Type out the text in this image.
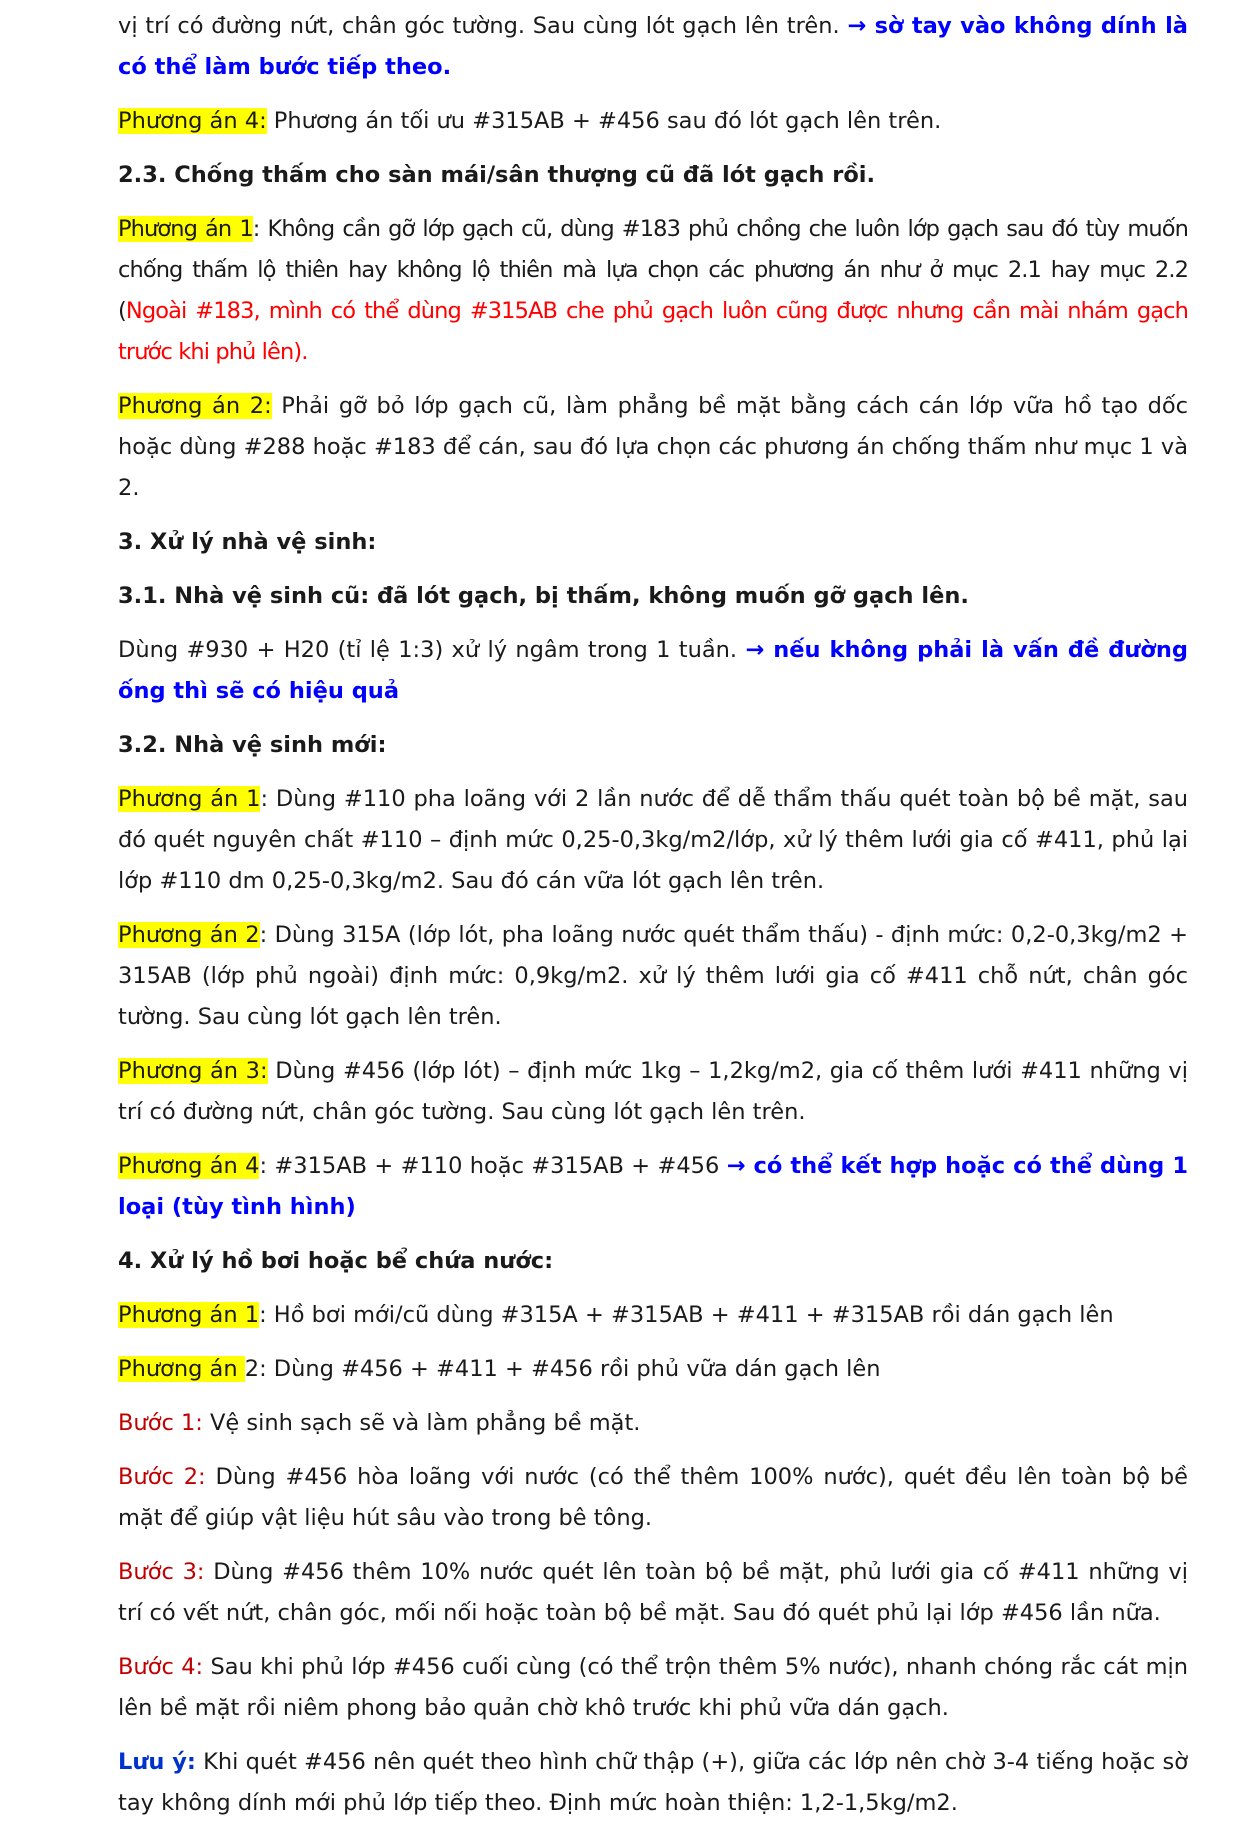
vị trí có đường nứt, chân góc tường. Sau cùng lót gạch lên trên. → sờ tay vào không dính là có thể làm bước tiếp theo.

Phương án 4: Phương án tối ưu #315AB + #456 sau đó lót gạch lên trên.

2.3. Chống thấm cho sàn mái/sân thượng cũ đã lót gạch rồi.

Phương án 1: Không cần gỡ lớp gạch cũ, dùng #183 phủ chồng che luôn lớp gạch sau đó tùy muốn chống thấm lộ thiên hay không lộ thiên mà lựa chọn các phương án như ở mục 2.1 hay mục 2.2 (Ngoài #183, mình có thể dùng #315AB che phủ gạch luôn cũng được nhưng cần mài nhám gạch trước khi phủ lên).

Phương án 2: Phải gỡ bỏ lớp gạch cũ, làm phẳng bề mặt bằng cách cán lớp vữa hồ tạo dốc hoặc dùng #288 hoặc #183 để cán, sau đó lựa chọn các phương án chống thấm như mục 1 và 2.

3. Xử lý nhà vệ sinh:

3.1. Nhà vệ sinh cũ: đã lót gạch, bị thấm, không muốn gỡ gạch lên.

Dùng #930 + H20 (tỉ lệ 1:3) xử lý ngâm trong 1 tuần. → nếu không phải là vấn đề đường ống thì sẽ có hiệu quả

3.2. Nhà vệ sinh mới:

Phương án 1: Dùng #110 pha loãng với 2 lần nước để dễ thẩm thấu quét toàn bộ bề mặt, sau đó quét nguyên chất #110 – định mức 0,25-0,3kg/m2/lớp, xử lý thêm lưới gia cố #411, phủ lại lớp #110 dm 0,25-0,3kg/m2. Sau đó cán vữa lót gạch lên trên.

Phương án 2: Dùng 315A (lớp lót, pha loãng nước quét thẩm thấu) - định mức: 0,2-0,3kg/m2 + 315AB (lớp phủ ngoài) định mức: 0,9kg/m2. xử lý thêm lưới gia cố #411 chỗ nứt, chân góc tường. Sau cùng lót gạch lên trên.

Phương án 3: Dùng #456 (lớp lót) – định mức 1kg – 1,2kg/m2, gia cố thêm lưới #411 những vị trí có đường nứt, chân góc tường. Sau cùng lót gạch lên trên.

Phương án 4: #315AB + #110 hoặc #315AB + #456 → có thể kết hợp hoặc có thể dùng 1 loại (tùy tình hình)

4. Xử lý hồ bơi hoặc bể chứa nước:

Phương án 1: Hồ bơi mới/cũ dùng #315A + #315AB + #411 + #315AB rồi dán gạch lên

Phương án 2: Dùng #456 + #411 + #456 rồi phủ vữa dán gạch lên

Bước 1: Vệ sinh sạch sẽ và làm phẳng bề mặt.

Bước 2: Dùng #456 hòa loãng với nước (có thể thêm 100% nước), quét đều lên toàn bộ bề mặt để giúp vật liệu hút sâu vào trong bê tông.

Bước 3: Dùng #456 thêm 10% nước quét lên toàn bộ bề mặt, phủ lưới gia cố #411 những vị trí có vết nứt, chân góc, mối nối hoặc toàn bộ bề mặt. Sau đó quét phủ lại lớp #456 lần nữa.

Bước 4: Sau khi phủ lớp #456 cuối cùng (có thể trộn thêm 5% nước), nhanh chóng rắc cát mịn lên bề mặt rồi niêm phong bảo quản chờ khô trước khi phủ vữa dán gạch.

Lưu ý: Khi quét #456 nên quét theo hình chữ thập (+), giữa các lớp nên chờ 3-4 tiếng hoặc sờ tay không dính mới phủ lớp tiếp theo. Định mức hoàn thiện: 1,2-1,5kg/m2.
